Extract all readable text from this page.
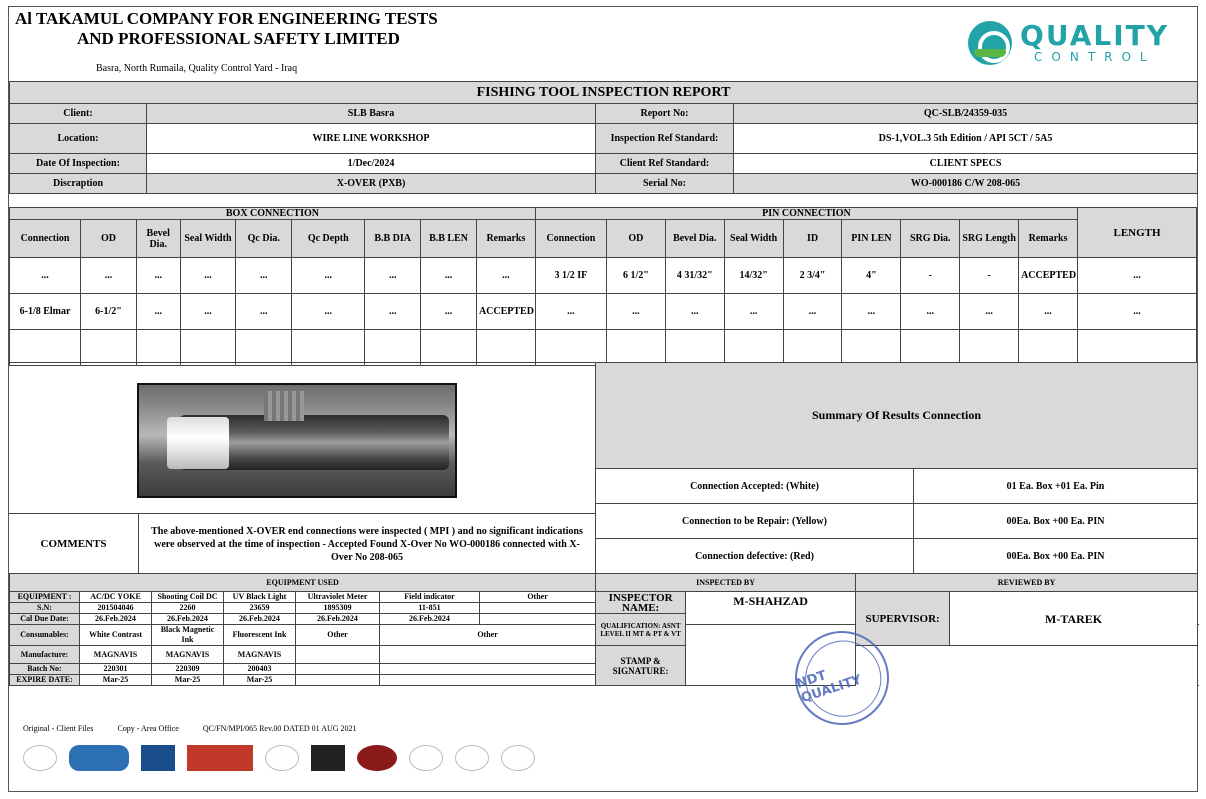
Al TAKAMUL COMPANY FOR ENGINEERING TESTS
AND PROFESSIONAL SAFETY LIMITED
Basra, North Rumaila, Quality Control Yard - Iraq
QUALITY
CONTROL
FISHING TOOL INSPECTION REPORT			
Client:	SLB Basra	Report No:	QC-SLB/24359-035
Location:	WIRE LINE WORKSHOP	Inspection Ref Standard:	DS-1,VOL.3 5th Edition / API 5CT / 5A5
Date Of Inspection:	1/Dec/2024	Client Ref Standard:	CLIENT SPECS
Discraption	X-OVER (PXB)	Serial No:	WO-000186 C/W 208-065
BOX CONNECTION									PIN CONNECTION									LENGTH
Connection	OD	Bevel Dia.	Seal Width	Qc Dia.	Qc Depth	B.B DIA	B.B LEN	Remarks	Connection	OD	Bevel Dia.	Seal Width	ID	PIN LEN	SRG Dia.	SRG Length	Remarks	
...	...	...	...	...	...	...	...	...	3 1/2 IF	6 1/2"	4 31/32"	14/32"	2 3/4"	4"	-	-	ACCEPTED	...
6-1/8 Elmar	6-1/2"	...	...	...	...	...	...	ACCEPTED	...	...	...	...	...	...	...	...	...	...

Summary Of Results Connection
Connection Accepted: (White)	01 Ea. Box +01 Ea. Pin
Connection to be Repair: (Yellow)	00Ea. Box +00 Ea. PIN
Connection defective: (Red)	00Ea. Box +00 Ea. PIN
COMMENTS
The above-mentioned X-OVER end connections were inspected ( MPI ) and no significant indications were observed at the time of inspection - Accepted Found X-Over No WO-000186 connected with X-Over No 208-065
EQUIPMENT USED							INSPECTED BY		REVIEWED BY		
EQUIPMENT :	AC/DC YOKE	Shooting Coil DC	UV Black Light	Ultraviolet Meter	Field indicator	Other	INSPECTOR NAME:	M-SHAHZAD	SUPERVISOR:	M-TAREK	
S.N:	201504046	2260	23659	1895309	11-851						
Cal Due Date:	26.Feb.2024	26.Feb.2024	26.Feb.2024	26.Feb.2024	26.Feb.2024		QUALIFICATION: ASNT LEVEL II MT & PT & VT				
Consumables:	White Contrast	Black Magnetic Ink	Fluorescent Ink	Other	Other			
Manufacture:	MAGNAVIS	MAGNAVIS	MAGNAVIS				STAMP & SIGNATURE:				
Batch No:	220301	220309	200403								
EXPIRE DATE:	Mar-25	Mar-25	Mar-25									NDT QUALITY
Original - Client Files	Copy - Area Office	QC/FN/MPI/065 Rev.00 DATED 01 AUG 2021
